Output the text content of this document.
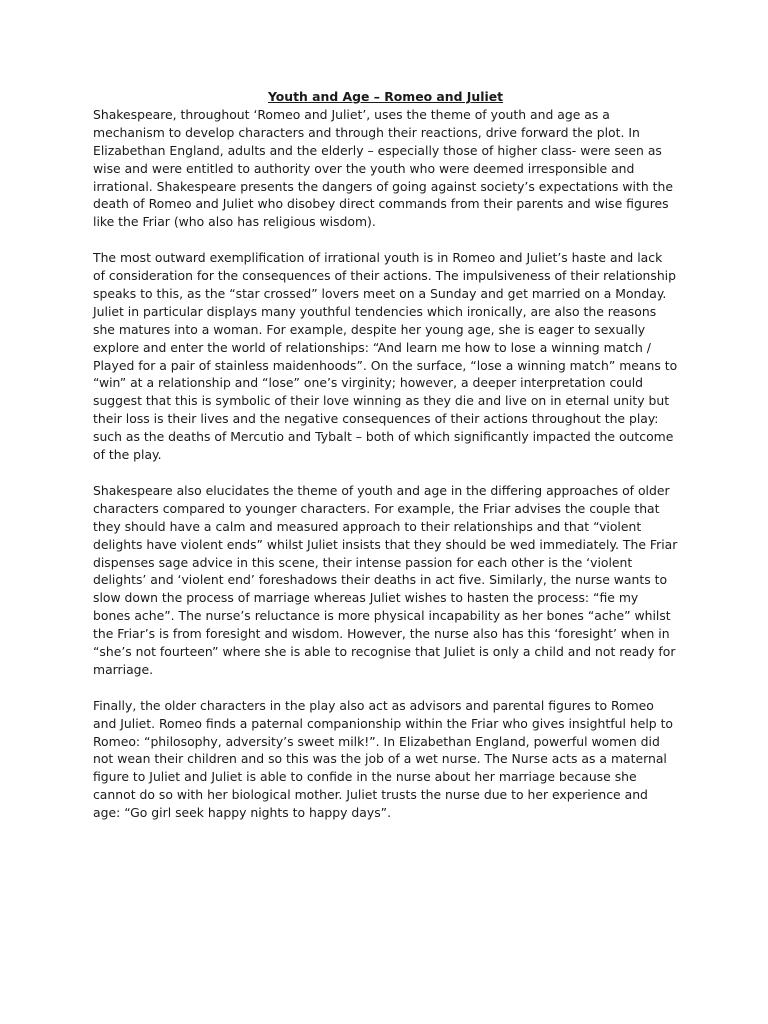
Youth and Age – Romeo and Juliet

Shakespeare, throughout ‘Romeo and Juliet’, uses the theme of youth and age as a mechanism to develop characters and through their reactions, drive forward the plot. In Elizabethan England, adults and the elderly – especially those of higher class- were seen as wise and were entitled to authority over the youth who were deemed irresponsible and irrational. Shakespeare presents the dangers of going against society’s expectations with the death of Romeo and Juliet who disobey direct commands from their parents and wise figures like the Friar (who also has religious wisdom).

The most outward exemplification of irrational youth is in Romeo and Juliet’s haste and lack of consideration for the consequences of their actions. The impulsiveness of their relationship speaks to this, as the “star crossed” lovers meet on a Sunday and get married on a Monday. Juliet in particular displays many youthful tendencies which ironically, are also the reasons she matures into a woman. For example, despite her young age, she is eager to sexually explore and enter the world of relationships: “And learn me how to lose a winning match / Played for a pair of stainless maidenhoods”. On the surface, “lose a winning match” means to “win” at a relationship and “lose” one’s virginity; however, a deeper interpretation could suggest that this is symbolic of their love winning as they die and live on in eternal unity but their loss is their lives and the negative consequences of their actions throughout the play: such as the deaths of Mercutio and Tybalt – both of which significantly impacted the outcome of the play.

Shakespeare also elucidates the theme of youth and age in the differing approaches of older characters compared to younger characters. For example, the Friar advises the couple that they should have a calm and measured approach to their relationships and that “violent delights have violent ends” whilst Juliet insists that they should be wed immediately. The Friar dispenses sage advice in this scene, their intense passion for each other is the ‘violent delights’ and ‘violent end’ foreshadows their deaths in act five. Similarly, the nurse wants to slow down the process of marriage whereas Juliet wishes to hasten the process: “fie my bones ache”. The nurse’s reluctance is more physical incapability as her bones “ache” whilst the Friar’s is from foresight and wisdom. However, the nurse also has this ‘foresight’ when in “she’s not fourteen” where she is able to recognise that Juliet is only a child and not ready for marriage.

Finally, the older characters in the play also act as advisors and parental figures to Romeo and Juliet. Romeo finds a paternal companionship within the Friar who gives insightful help to Romeo: “philosophy, adversity’s sweet milk!”. In Elizabethan England, powerful women did not wean their children and so this was the job of a wet nurse. The Nurse acts as a maternal figure to Juliet and Juliet is able to confide in the nurse about her marriage because she cannot do so with her biological mother. Juliet trusts the nurse due to her experience and age: “Go girl seek happy nights to happy days”.
